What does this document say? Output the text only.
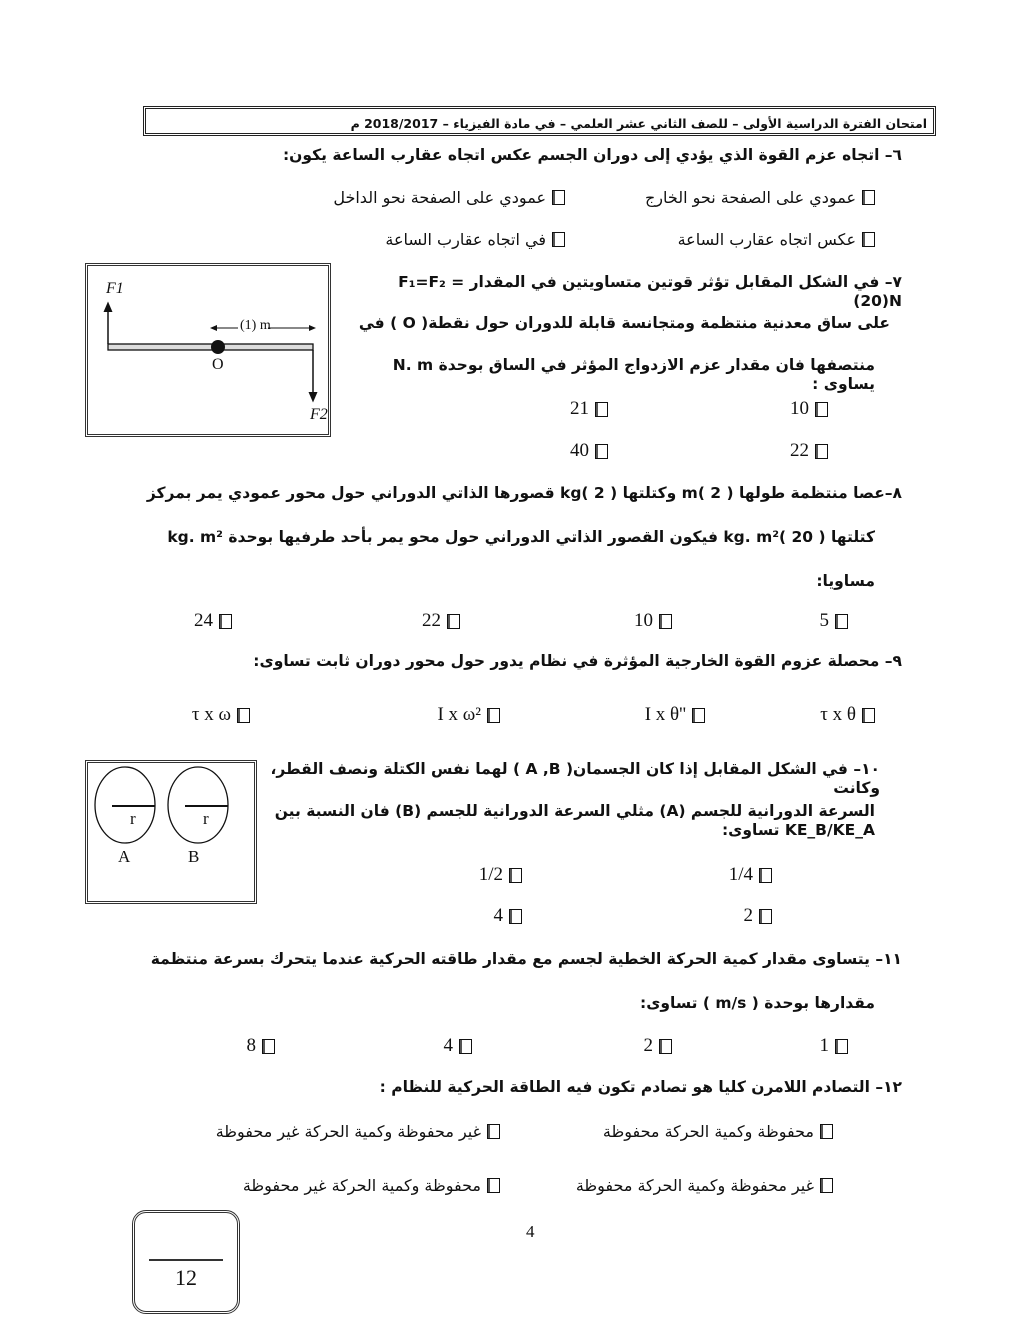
امتحان الفترة الدراسية الأولى – للصف الثاني عشر العلمي – في مادة الفيزياء – 2018/2017 م
٦– اتجاه عزم القوة الذي يؤدي إلى دوران الجسم عكس اتجاه عقارب الساعة يكون:
عمودي على الصفحة نحو الخارج
عمودي على الصفحة نحو الداخل
عكس اتجاه عقارب الساعة
في اتجاه عقارب الساعة
F1
F2
(1) m
O
٧– في الشكل المقابل تؤثر قوتين متساويتين في المقدار F₁=F₂ = (20)N
على ساق معدنية منتظمة ومتجانسة قابلة للدوران حول نقطة( O ) في
منتصفها فان مقدار عزم الازدواج المؤثر في الساق بوحدة N. m يساوى :
10
21
22
40
٨–عصا منتظمة طولها m( 2 ) وكتلتها kg( 2 ) قصورها الذاتي الدوراني حول محور عمودي يمر بمركز
كتلتها kg. m²( 20 ) فيكون القصور الذاتي الدوراني حول محو يمر بأحد طرفيها بوحدة kg. m²
مساويا:
5
10
22
24
٩– محصلة عزوم القوة الخارجية المؤثرة في نظام يدور حول محور دوران ثابت تساوى:
τ x θ
I x θ''
I x ω²
τ x ω
r	r
A	B
١٠– في الشكل المقابل إذا كان الجسمان( A ,B ) لهما نفس الكتلة ونصف القطر، وكانت
السرعة الدورانية للجسم (A) مثلي السرعة الدورانية للجسم (B) فان النسبة بين KE_B/KE_A تساوى:
1/4
1/2
2
4
١١– يتساوى مقدار كمية الحركة الخطية لجسم مع مقدار طاقته الحركية عندما يتحرك بسرعة منتظمة
مقدارها بوحدة ( m/s ) تساوى:
1
2
4
8
١٢– التصادم اللامرن كليا هو تصادم تكون فيه الطاقة الحركية للنظام :
محفوظة وكمية الحركة محفوظة
غير محفوظة وكمية الحركة غير محفوظة
غير محفوظة وكمية الحركة محفوظة
محفوظة وكمية الحركة غير محفوظة
4
12
